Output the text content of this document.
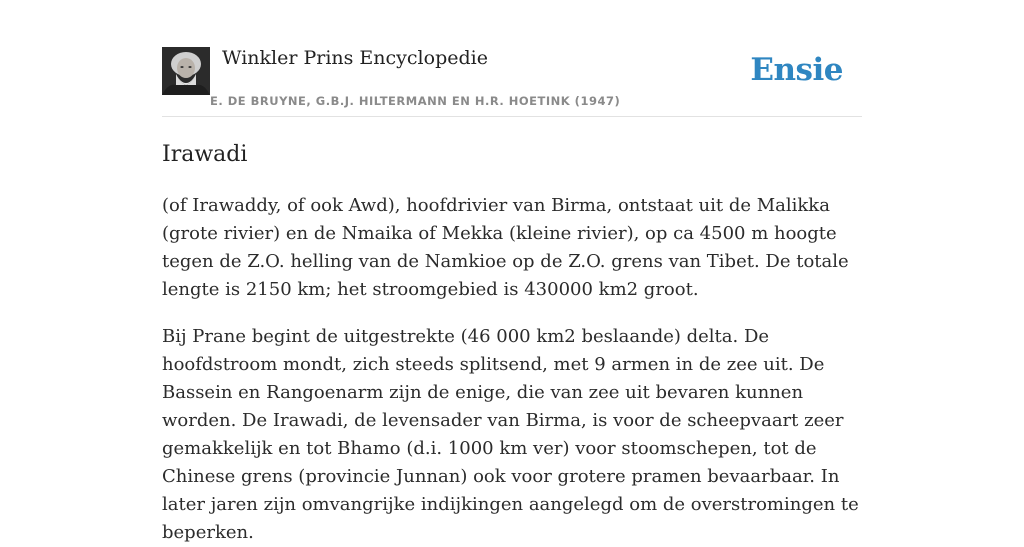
Winkler Prins Encyclopedie
E. DE BRUYNE, G.B.J. HILTERMANN EN H.R. HOETINK (1947)
Ensie
Irawadi

(of Irawaddy, of ook Awd), hoofdrivier van Birma, ontstaat uit de Malikka (grote rivier) en de Nmaika of Mekka (kleine rivier), op ca 4500 m hoogte tegen de Z.O. helling van de Namkioe op de Z.O. grens van Tibet. De totale lengte is 2150 km; het stroomgebied is 430000 km2 groot.

Bij Prane begint de uitgestrekte (46 000 km2 beslaande) delta. De hoofdstroom mondt, zich steeds splitsend, met 9 armen in de zee uit. De Bassein en Rangoenarm zijn de enige, die van zee uit bevaren kunnen worden. De Irawadi, de levensader van Birma, is voor de scheepvaart zeer gemakkelijk en tot Bhamo (d.i. 1000 km ver) voor stoomschepen, tot de Chinese grens (provincie Junnan) ook voor grotere pramen bevaarbaar. In later jaren zijn omvangrijke indijkingen aangelegd om de overstromingen te beperken.
